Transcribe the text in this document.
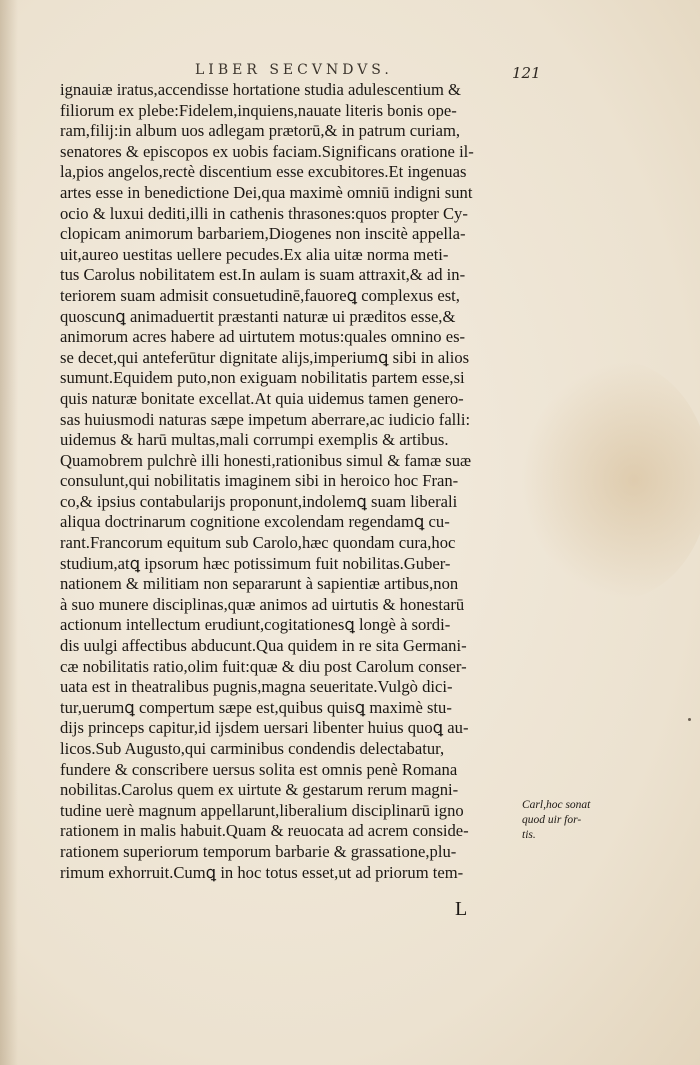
LIBER SECVNDVS.	121
ignauiæ iratus,accendisse hortatione studia adulescentium &
filiorum ex plebe:Fidelem,inquiens,nauate literis bonis ope-
ram,filij:in album uos adlegam prætorū,& in patrum curiam,
senatores & episcopos ex uobis faciam.Significans oratione il-
la,pios angelos,rectè discentium esse excubitores.Et ingenuas
artes esse in benedictione Dei,qua maximè omniū indigni sunt
ocio & luxui dediti,illi in cathenis thrasones:quos propter Cy-
clopicam animorum barbariem,Diogenes non inscitè appella-
uit,aureo uestitas uellere pecudes.Ex alia uitæ norma meti-
tus Carolus nobilitatem est.In aulam is suam attraxit,& ad in-
teriorem suam admisit consuetudinē,fauoreꝗ complexus est,
quoscunꝗ animaduertit præstanti naturæ ui præditos esse,&
animorum acres habere ad uirtutem motus:quales omnino es-
se decet,qui anteferūtur dignitate alijs,imperiumꝗ sibi in alios
sumunt.Equidem puto,non exiguam nobilitatis partem esse,si
quis naturæ bonitate excellat.At quia uidemus tamen genero-
sas huiusmodi naturas sæpe impetum aberrare,ac iudicio falli:
uidemus & harū multas,mali corrumpi exemplis & artibus.
Quamobrem pulchrè illi honesti,rationibus simul & famæ suæ
consulunt,qui nobilitatis imaginem sibi in heroico hoc Fran-
co,& ipsius contabularijs proponunt,indolemꝗ suam liberali
aliqua doctrinarum cognitione excolendam regendamꝗ cu-
rant.Francorum equitum sub Carolo,hæc quondam cura,hoc
studium,atꝗ ipsorum hæc potissimum fuit nobilitas.Guber-
nationem & militiam non separarunt à sapientiæ artibus,non
à suo munere disciplinas,quæ animos ad uirtutis & honestarū
actionum intellectum erudiunt,cogitationesꝗ longè à sordi-
dis uulgi affectibus abducunt.Qua quidem in re sita Germani-
cæ nobilitatis ratio,olim fuit:quæ & diu post Carolum conser-
uata est in theatralibus pugnis,magna seueritate.Vulgò dici-
tur,uerumꝗ compertum sæpe est,quibus quisꝗ maximè stu-
dijs princeps capitur,id ijsdem uersari libenter huius quoꝗ au-
licos.Sub Augusto,qui carminibus condendis delectabatur,
fundere & conscribere uersus solita est omnis penè Romana
nobilitas.Carolus quem ex uirtute & gestarum rerum magni-
tudine uerè magnum appellarunt,liberalium disciplinarū igno
rationem in malis habuit.Quam & reuocata ad acrem conside-
rationem superiorum temporum barbarie & grassatione,plu-
rimum exhorruit.Cumꝗ in hoc totus esset,ut ad priorum tem-
Carl,hoc sonat
quod uir for-
tis.
L
